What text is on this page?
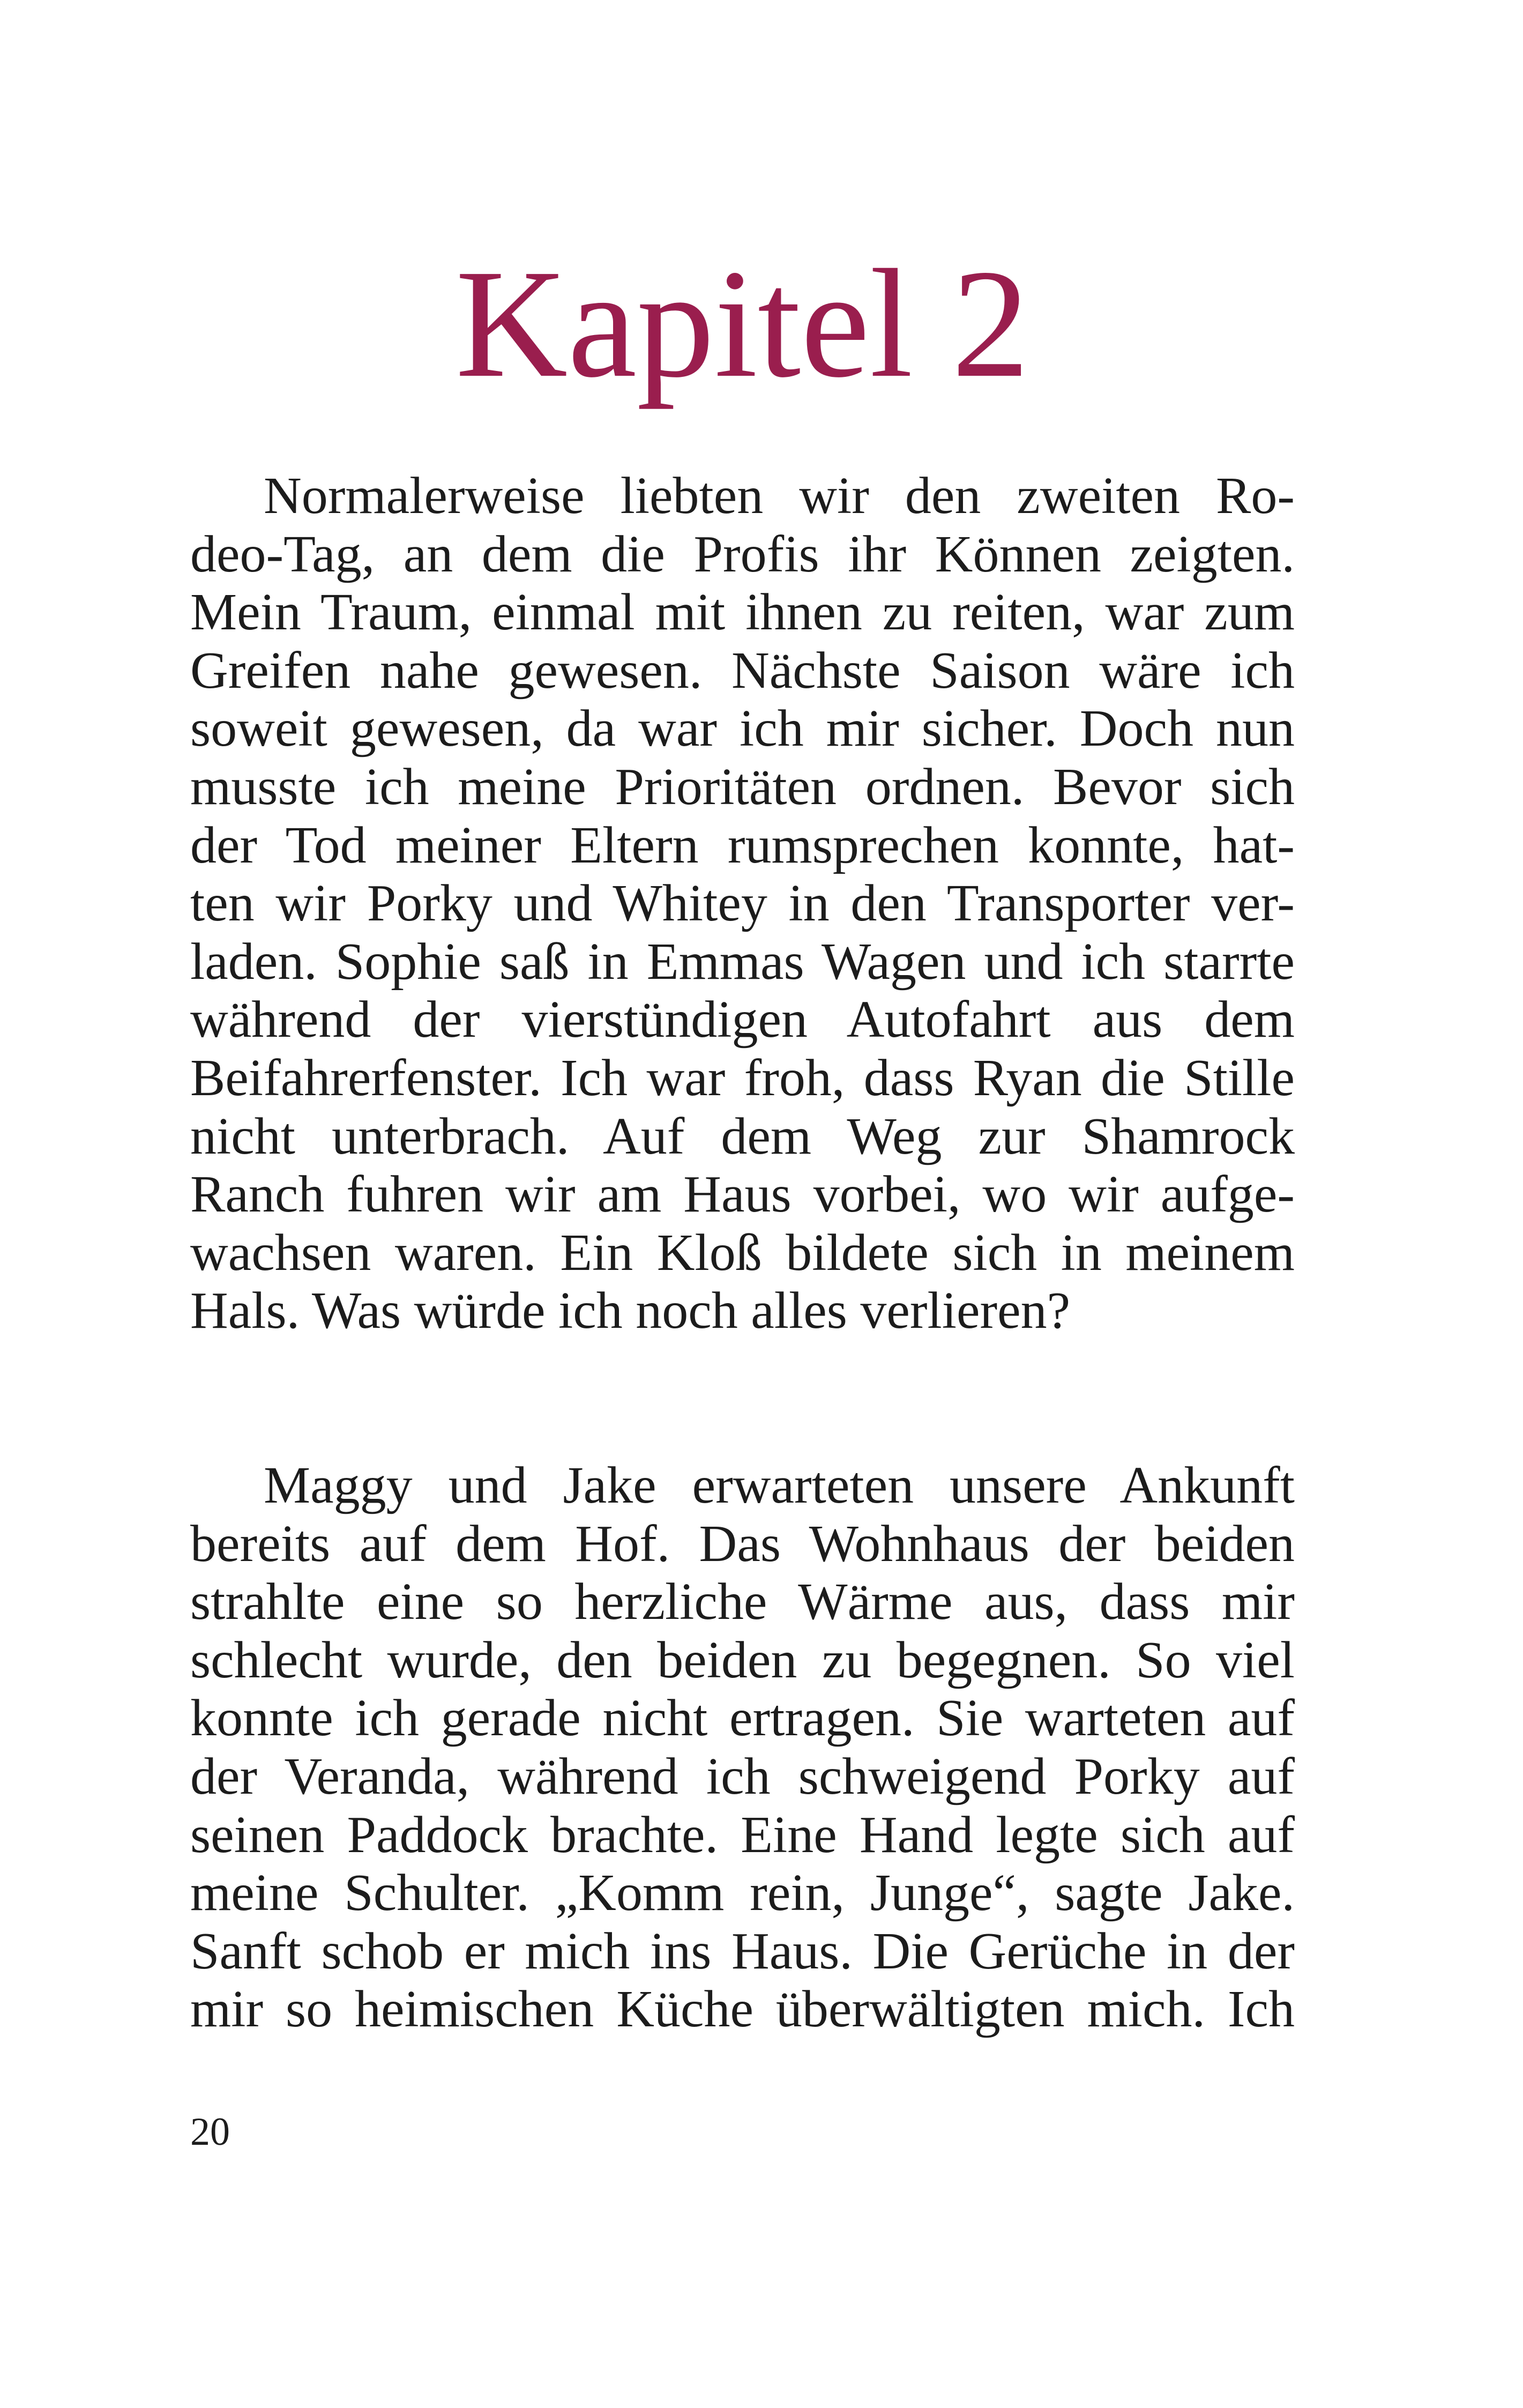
Kapitel 2

Normalerweise liebten wir den zweiten Ro-
deo-Tag, an dem die Profis ihr Können zeigten.
Mein Traum, einmal mit ihnen zu reiten, war zum
Greifen nahe gewesen. Nächste Saison wäre ich
soweit gewesen, da war ich mir sicher. Doch nun
musste ich meine Prioritäten ordnen. Bevor sich
der Tod meiner Eltern rumsprechen konnte, hat-
ten wir Porky und Whitey in den Transporter ver-
laden. Sophie saß in Emmas Wagen und ich starrte
während der vierstündigen Autofahrt aus dem
Beifahrerfenster. Ich war froh, dass Ryan die Stille
nicht unterbrach. Auf dem Weg zur Shamrock
Ranch fuhren wir am Haus vorbei, wo wir aufge-
wachsen waren. Ein Kloß bildete sich in meinem
Hals. Was würde ich noch alles verlieren?

Maggy und Jake erwarteten unsere Ankunft
bereits auf dem Hof. Das Wohnhaus der beiden
strahlte eine so herzliche Wärme aus, dass mir
schlecht wurde, den beiden zu begegnen. So viel
konnte ich gerade nicht ertragen. Sie warteten auf
der Veranda, während ich schweigend Porky auf
seinen Paddock brachte. Eine Hand legte sich auf
meine Schulter. „Komm rein, Junge“, sagte Jake.
Sanft schob er mich ins Haus. Die Gerüche in der
mir so heimischen Küche überwältigten mich. Ich

20
